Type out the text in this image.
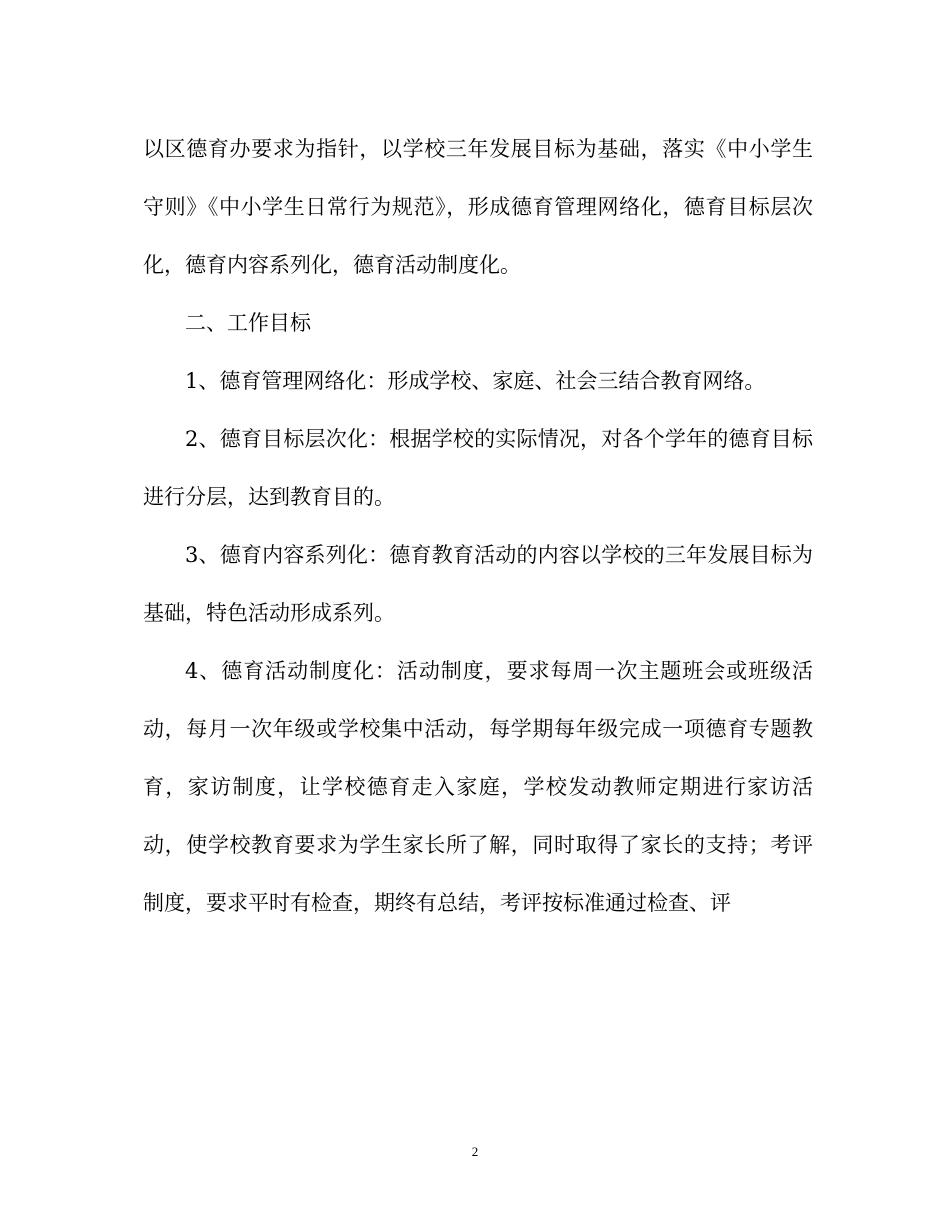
以区德育办要求为指针，以学校三年发展目标为基础，落实《中小学生守则》《中小学生日常行为规范》，形成德育管理网络化，德育目标层次化，德育内容系列化，德育活动制度化。

二、工作目标

1、德育管理网络化：形成学校、家庭、社会三结合教育网络。

2、德育目标层次化：根据学校的实际情况，对各个学年的德育目标进行分层，达到教育目的。

3、德育内容系列化：德育教育活动的内容以学校的三年发展目标为基础，特色活动形成系列。

4、德育活动制度化：活动制度，要求每周一次主题班会或班级活动，每月一次年级或学校集中活动，每学期每年级完成一项德育专题教育，家访制度，让学校德育走入家庭，学校发动教师定期进行家访活动，使学校教育要求为学生家长所了解，同时取得了家长的支持；考评制度，要求平时有检查，期终有总结，考评按标准通过检查、评

2
